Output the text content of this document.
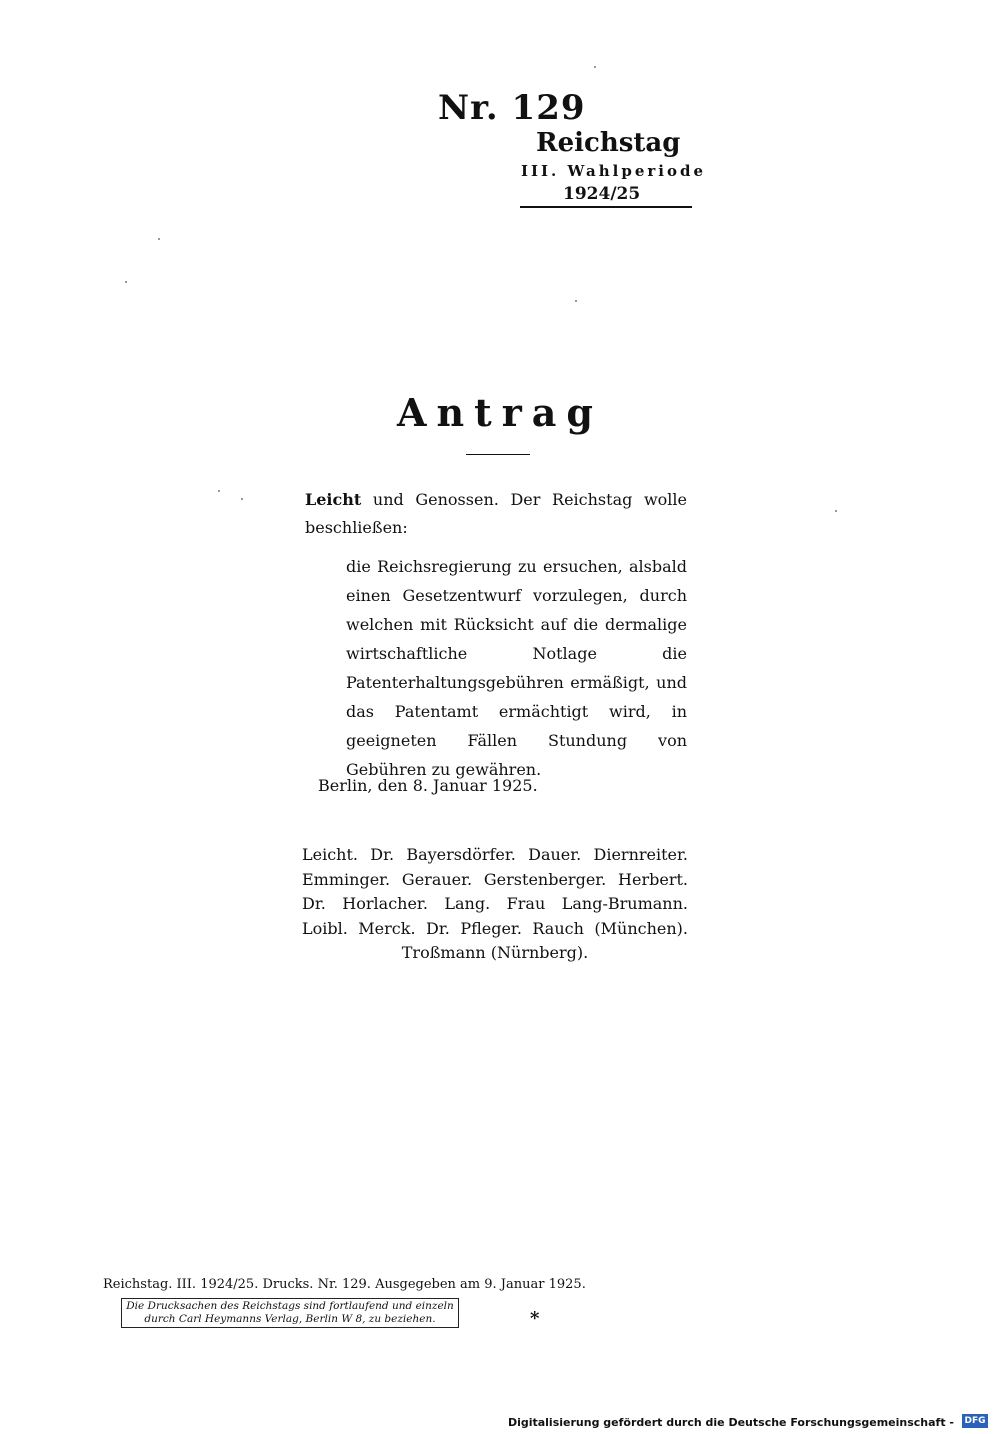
Nr. 129
Reichstag
III. Wahlperiode
1924/25
Antrag
Leicht und Genossen. Der Reichstag wolle beschließen:
die Reichsregierung zu ersuchen, alsbald einen Gesetzentwurf vorzulegen, durch welchen mit Rücksicht auf die dermalige wirtschaftliche Notlage die Patenterhaltungsgebühren ermäßigt, und das Patentamt ermächtigt wird, in geeigneten Fällen Stundung von Gebühren zu gewähren.
Berlin, den 8. Januar 1925.
Leicht. Dr. Bayersdörfer. Dauer. Diernreiter.
Emminger. Gerauer. Gerstenberger. Herbert.
Dr. Horlacher. Lang. Frau Lang-Brumann.
Loibl. Merck. Dr. Pfleger. Rauch (München).
Troßmann (Nürnberg).
Reichstag. III. 1924/25. Drucks. Nr. 129. Ausgegeben am 9. Januar 1925.
Die Drucksachen des Reichstags sind fortlaufend und einzeln
durch Carl Heymanns Verlag, Berlin W 8, zu beziehen.	*
Digitalisierung gefördert durch die Deutsche Forschungsgemeinschaft - DFG
